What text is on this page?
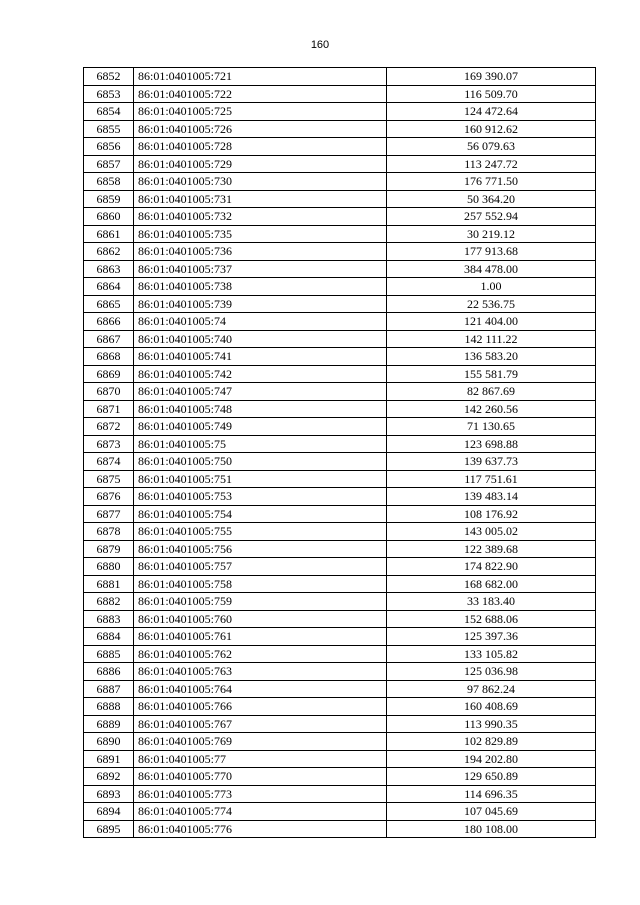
160
6852	86:01:0401005:721	169 390.07
6853	86:01:0401005:722	116 509.70
6854	86:01:0401005:725	124 472.64
6855	86:01:0401005:726	160 912.62
6856	86:01:0401005:728	56 079.63
6857	86:01:0401005:729	113 247.72
6858	86:01:0401005:730	176 771.50
6859	86:01:0401005:731	50 364.20
6860	86:01:0401005:732	257 552.94
6861	86:01:0401005:735	30 219.12
6862	86:01:0401005:736	177 913.68
6863	86:01:0401005:737	384 478.00
6864	86:01:0401005:738	1.00
6865	86:01:0401005:739	22 536.75
6866	86:01:0401005:74	121 404.00
6867	86:01:0401005:740	142 111.22
6868	86:01:0401005:741	136 583.20
6869	86:01:0401005:742	155 581.79
6870	86:01:0401005:747	82 867.69
6871	86:01:0401005:748	142 260.56
6872	86:01:0401005:749	71 130.65
6873	86:01:0401005:75	123 698.88
6874	86:01:0401005:750	139 637.73
6875	86:01:0401005:751	117 751.61
6876	86:01:0401005:753	139 483.14
6877	86:01:0401005:754	108 176.92
6878	86:01:0401005:755	143 005.02
6879	86:01:0401005:756	122 389.68
6880	86:01:0401005:757	174 822.90
6881	86:01:0401005:758	168 682.00
6882	86:01:0401005:759	33 183.40
6883	86:01:0401005:760	152 688.06
6884	86:01:0401005:761	125 397.36
6885	86:01:0401005:762	133 105.82
6886	86:01:0401005:763	125 036.98
6887	86:01:0401005:764	97 862.24
6888	86:01:0401005:766	160 408.69
6889	86:01:0401005:767	113 990.35
6890	86:01:0401005:769	102 829.89
6891	86:01:0401005:77	194 202.80
6892	86:01:0401005:770	129 650.89
6893	86:01:0401005:773	114 696.35
6894	86:01:0401005:774	107 045.69
6895	86:01:0401005:776	180 108.00
